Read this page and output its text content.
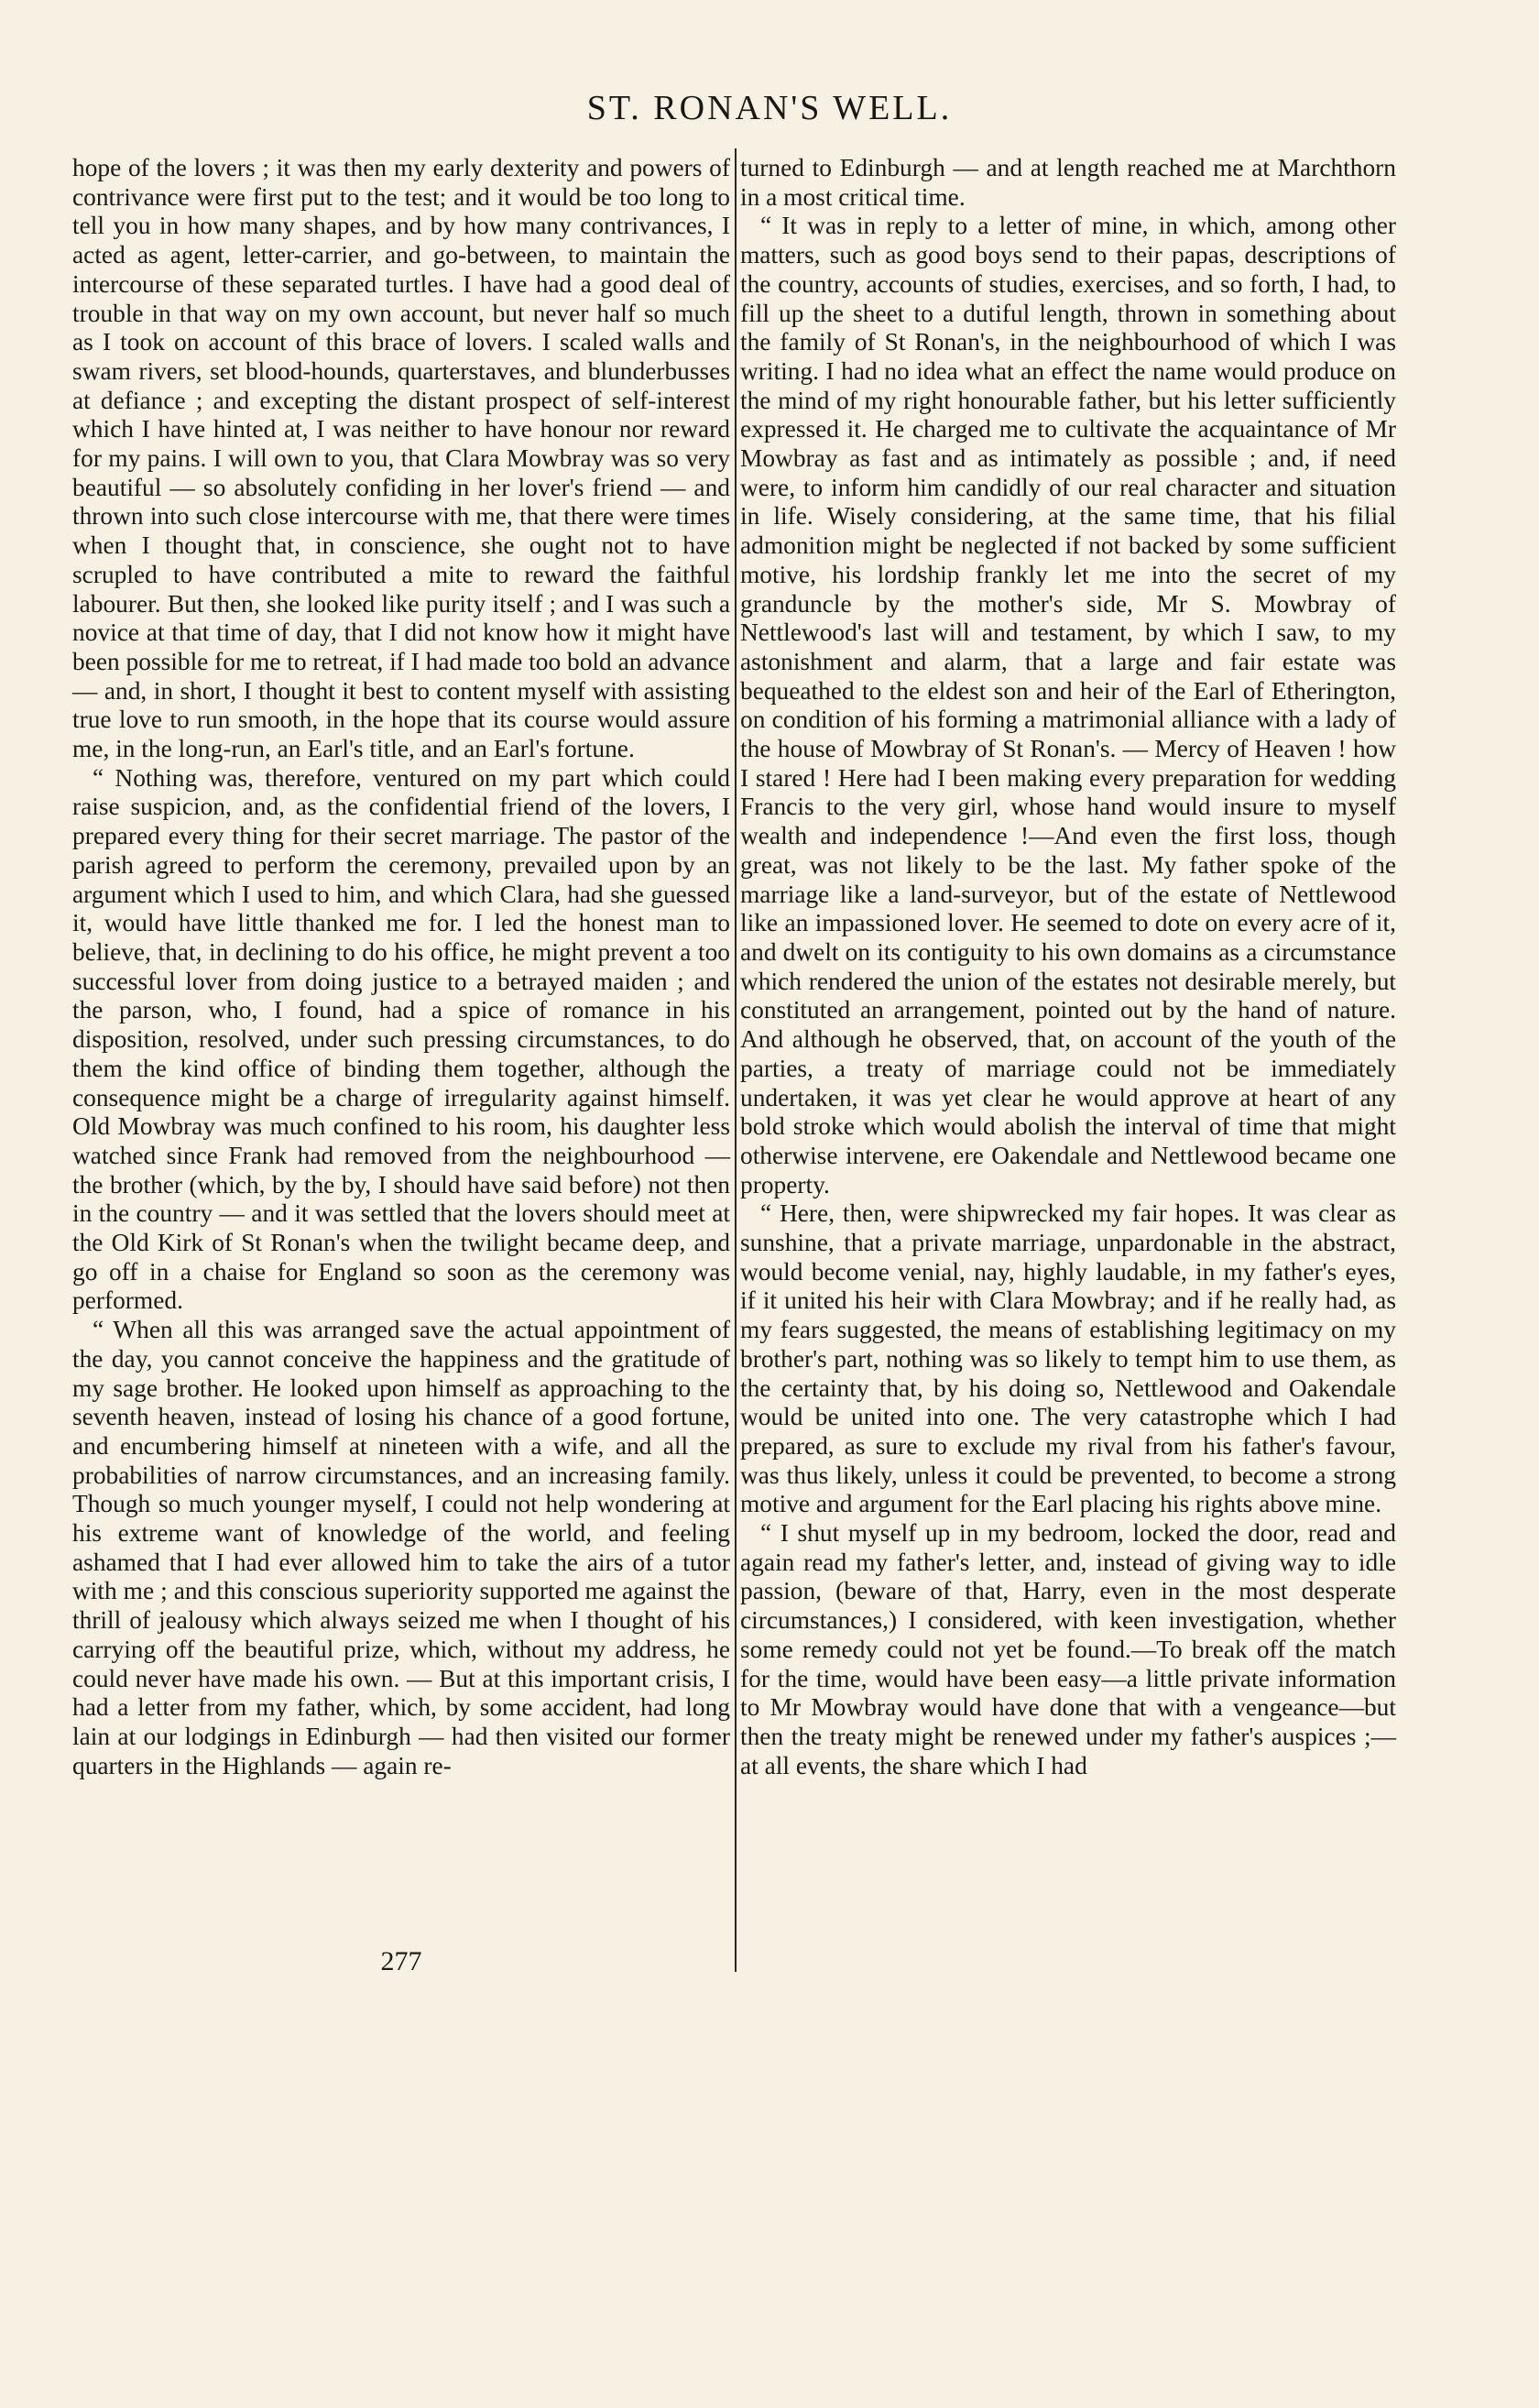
ST. RONAN'S WELL.

hope of the lovers ; it was then my early dexterity and powers of contrivance were first put to the test; and it would be too long to tell you in how many shapes, and by how many contrivances, I acted as agent, letter-carrier, and go-between, to maintain the intercourse of these separated turtles. I have had a good deal of trouble in that way on my own account, but never half so much as I took on account of this brace of lovers. I scaled walls and swam rivers, set blood-hounds, quarterstaves, and blunderbusses at defiance ; and excepting the distant prospect of self-interest which I have hinted at, I was neither to have honour nor reward for my pains. I will own to you, that Clara Mowbray was so very beautiful — so absolutely confiding in her lover's friend — and thrown into such close intercourse with me, that there were times when I thought that, in conscience, she ought not to have scrupled to have contributed a mite to reward the faithful labourer. But then, she looked like purity itself ; and I was such a novice at that time of day, that I did not know how it might have been possible for me to retreat, if I had made too bold an advance — and, in short, I thought it best to content myself with assisting true love to run smooth, in the hope that its course would assure me, in the long-run, an Earl's title, and an Earl's fortune.

“ Nothing was, therefore, ventured on my part which could raise suspicion, and, as the confidential friend of the lovers, I prepared every thing for their secret marriage. The pastor of the parish agreed to perform the ceremony, prevailed upon by an argument which I used to him, and which Clara, had she guessed it, would have little thanked me for. I led the honest man to believe, that, in declining to do his office, he might prevent a too successful lover from doing justice to a betrayed maiden ; and the parson, who, I found, had a spice of romance in his disposition, resolved, under such pressing circumstances, to do them the kind office of binding them together, although the consequence might be a charge of irregularity against himself. Old Mowbray was much confined to his room, his daughter less watched since Frank had removed from the neighbourhood — the brother (which, by the by, I should have said before) not then in the country — and it was settled that the lovers should meet at the Old Kirk of St Ronan's when the twilight became deep, and go off in a chaise for England so soon as the ceremony was performed.

“ When all this was arranged save the actual appointment of the day, you cannot conceive the happiness and the gratitude of my sage brother. He looked upon himself as approaching to the seventh heaven, instead of losing his chance of a good fortune, and encumbering himself at nineteen with a wife, and all the probabilities of narrow circumstances, and an increasing family. Though so much younger myself, I could not help wondering at his extreme want of knowledge of the world, and feeling ashamed that I had ever allowed him to take the airs of a tutor with me ; and this conscious superiority supported me against the thrill of jealousy which always seized me when I thought of his carrying off the beautiful prize, which, without my address, he could never have made his own. — But at this important crisis, I had a letter from my father, which, by some accident, had long lain at our lodgings in Edinburgh — had then visited our former quarters in the Highlands — again re-

turned to Edinburgh — and at length reached me at Marchthorn in a most critical time.

“ It was in reply to a letter of mine, in which, among other matters, such as good boys send to their papas, descriptions of the country, accounts of studies, exercises, and so forth, I had, to fill up the sheet to a dutiful length, thrown in something about the family of St Ronan's, in the neighbourhood of which I was writing. I had no idea what an effect the name would produce on the mind of my right honourable father, but his letter sufficiently expressed it. He charged me to cultivate the acquaintance of Mr Mowbray as fast and as intimately as possible ; and, if need were, to inform him candidly of our real character and situation in life. Wisely considering, at the same time, that his filial admonition might be neglected if not backed by some sufficient motive, his lordship frankly let me into the secret of my granduncle by the mother's side, Mr S. Mowbray of Nettlewood's last will and testament, by which I saw, to my astonishment and alarm, that a large and fair estate was bequeathed to the eldest son and heir of the Earl of Etherington, on condition of his forming a matrimonial alliance with a lady of the house of Mowbray of St Ronan's. — Mercy of Heaven ! how I stared ! Here had I been making every preparation for wedding Francis to the very girl, whose hand would insure to myself wealth and independence !—And even the first loss, though great, was not likely to be the last. My father spoke of the marriage like a land-surveyor, but of the estate of Nettlewood like an impassioned lover. He seemed to dote on every acre of it, and dwelt on its contiguity to his own domains as a circumstance which rendered the union of the estates not desirable merely, but constituted an arrangement, pointed out by the hand of nature. And although he observed, that, on account of the youth of the parties, a treaty of marriage could not be immediately undertaken, it was yet clear he would approve at heart of any bold stroke which would abolish the interval of time that might otherwise intervene, ere Oakendale and Nettlewood became one property.

“ Here, then, were shipwrecked my fair hopes. It was clear as sunshine, that a private marriage, unpardonable in the abstract, would become venial, nay, highly laudable, in my father's eyes, if it united his heir with Clara Mowbray; and if he really had, as my fears suggested, the means of establishing legitimacy on my brother's part, nothing was so likely to tempt him to use them, as the certainty that, by his doing so, Nettlewood and Oakendale would be united into one. The very catastrophe which I had prepared, as sure to exclude my rival from his father's favour, was thus likely, unless it could be prevented, to become a strong motive and argument for the Earl placing his rights above mine.

“ I shut myself up in my bedroom, locked the door, read and again read my father's letter, and, instead of giving way to idle passion, (beware of that, Harry, even in the most desperate circumstances,) I considered, with keen investigation, whether some remedy could not yet be found.—To break off the match for the time, would have been easy—a little private information to Mr Mowbray would have done that with a vengeance—but then the treaty might be renewed under my father's auspices ;—at all events, the share which I had

277
